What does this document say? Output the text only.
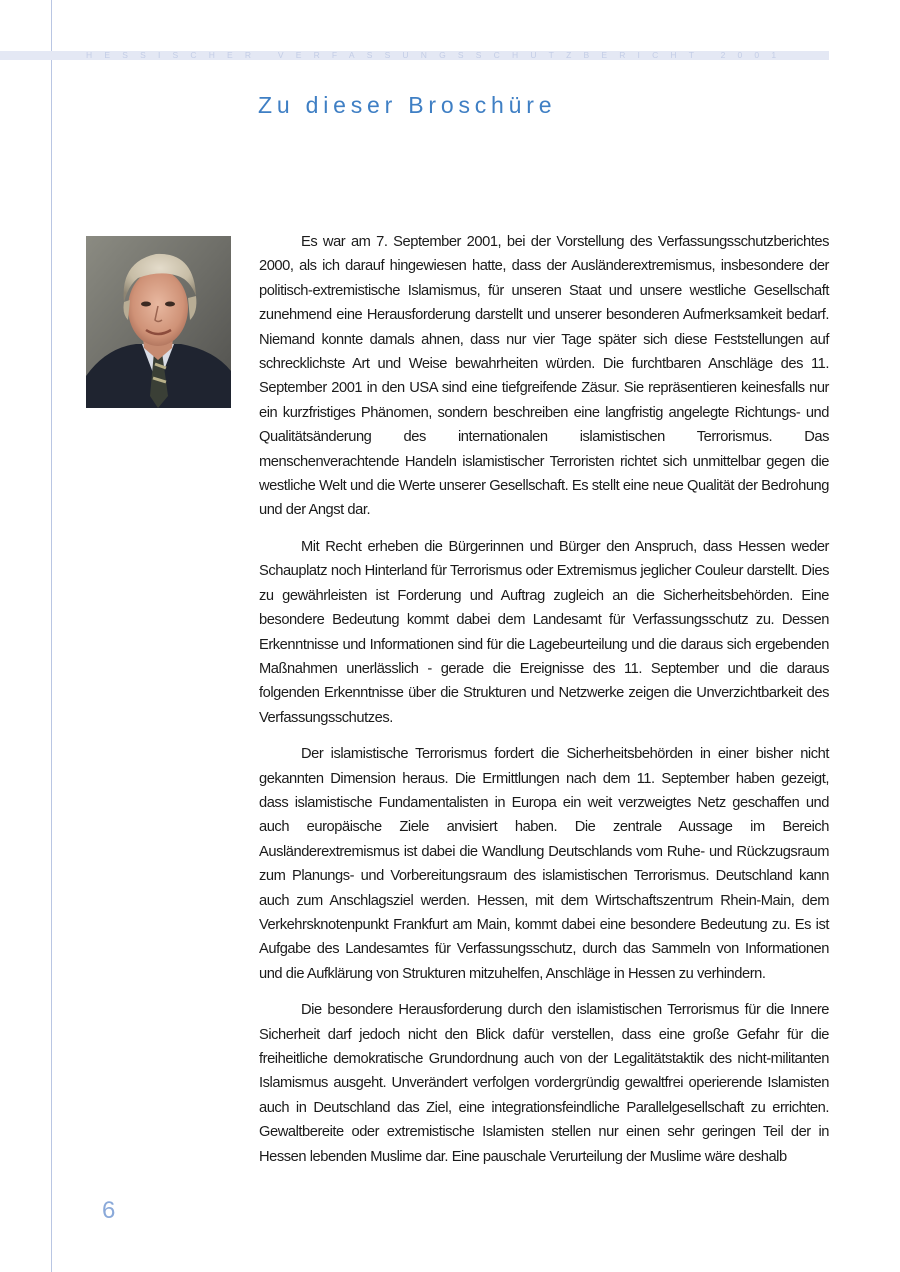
HESSISCHER VERFASSUNGSSCHUTZBERICHT 2001
Zu dieser Broschüre

Es war am 7. September 2001, bei der Vorstellung des Verfassungsschutzberichtes 2000, als ich darauf hingewiesen hatte, dass der Ausländerextremismus, insbesondere der politisch-extremistische Islamismus, für unseren Staat und unsere westliche Gesellschaft zunehmend eine Herausforderung darstellt und unserer besonderen Aufmerksamkeit bedarf. Niemand konnte damals ahnen, dass nur vier Tage später sich diese Feststellungen auf schrecklichste Art und Weise bewahrheiten würden. Die furchtbaren Anschläge des 11. September 2001 in den USA sind eine tiefgreifende Zäsur. Sie repräsentieren keinesfalls nur ein kurzfristiges Phänomen, sondern beschreiben eine langfristig angelegte Richtungs- und Qualitätsänderung des internationalen islamistischen Terrorismus. Das menschenverachtende Handeln islamistischer Terroristen richtet sich unmittelbar gegen die westliche Welt und die Werte unserer Gesellschaft. Es stellt eine neue Qualität der Bedrohung und der Angst dar.

Mit Recht erheben die Bürgerinnen und Bürger den Anspruch, dass Hessen weder Schauplatz noch Hinterland für Terrorismus oder Extremismus jeglicher Couleur darstellt. Dies zu gewährleisten ist Forderung und Auftrag zugleich an die Sicherheitsbehörden. Eine besondere Bedeutung kommt dabei dem Landesamt für Verfassungsschutz zu. Dessen Erkenntnisse und Informationen sind für die Lagebeurteilung und die daraus sich ergebenden Maßnahmen unerlässlich - gerade die Ereignisse des 11. September und die daraus folgenden Erkenntnisse über die Strukturen und Netzwerke zeigen die Unverzichtbarkeit des Verfassungsschutzes.

Der islamistische Terrorismus fordert die Sicherheitsbehörden in einer bisher nicht gekannten Dimension heraus. Die Ermittlungen nach dem 11. September haben gezeigt, dass islamistische Fundamentalisten in Europa ein weit verzweigtes Netz geschaffen und auch europäische Ziele anvisiert haben. Die zentrale Aussage im Bereich Ausländerextremismus ist dabei die Wandlung Deutschlands vom Ruhe- und Rückzugsraum zum Planungs- und Vorbereitungsraum des islamistischen Terrorismus. Deutschland kann auch zum Anschlagsziel werden. Hessen, mit dem Wirtschaftszentrum Rhein-Main, dem Verkehrsknotenpunkt Frankfurt am Main, kommt dabei eine besondere Bedeutung zu. Es ist Aufgabe des Landesamtes für Verfassungsschutz, durch das Sammeln von Informationen und die Aufklärung von Strukturen mitzuhelfen, Anschläge in Hessen zu verhindern.

Die besondere Herausforderung durch den islamistischen Terrorismus für die Innere Sicherheit darf jedoch nicht den Blick dafür verstellen, dass eine große Gefahr für die freiheitliche demokratische Grundordnung auch von der Legalitätstaktik des nicht-militanten Islamismus ausgeht. Unverändert verfolgen vordergründig gewaltfrei operierende Islamisten auch in Deutschland das Ziel, eine integrationsfeindliche Parallelgesellschaft zu errichten. Gewaltbereite oder extremistische Islamisten stellen nur einen sehr geringen Teil der in Hessen lebenden Muslime dar. Eine pauschale Verurteilung der Muslime wäre deshalb

6
